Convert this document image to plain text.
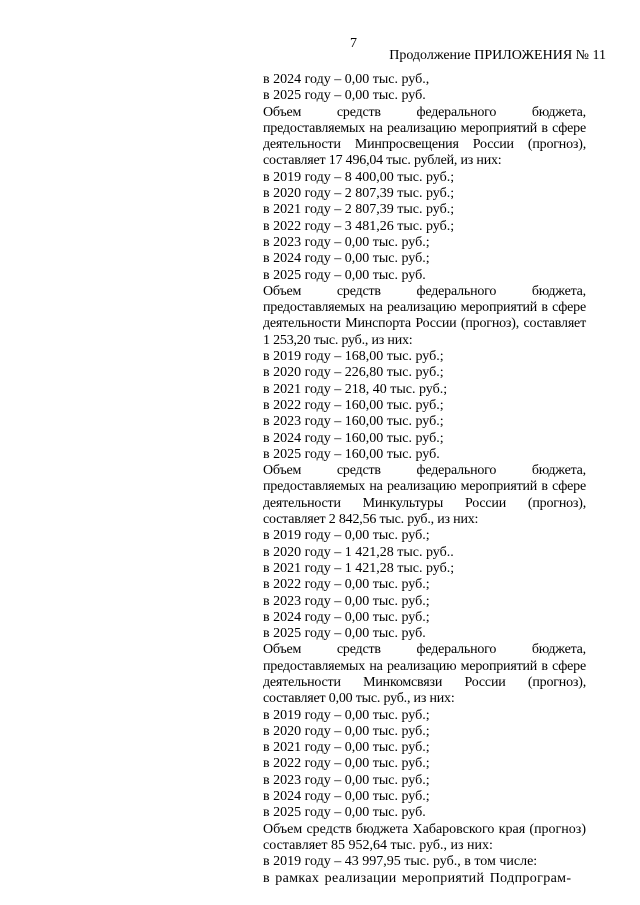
7
Продолжение ПРИЛОЖЕНИЯ № 11
в 2024 году – 0,00 тыс. руб.,
в 2025 году – 0,00 тыс. руб.
Объем средств федерального бюджета, предоставляемых на реализацию мероприятий в сфере деятельности Минпросвещения России (прогноз), составляет 17 496,04 тыс. рублей, из них:
в 2019 году – 8 400,00 тыс. руб.;
в 2020 году – 2 807,39 тыс. руб.;
в 2021 году – 2 807,39 тыс. руб.;
в 2022 году – 3 481,26 тыс. руб.;
в 2023 году – 0,00 тыс. руб.;
в 2024 году – 0,00 тыс. руб.;
в 2025 году – 0,00 тыс. руб.
Объем средств федерального бюджета, предоставляемых на реализацию мероприятий в сфере деятельности Минспорта России (прогноз), составляет 1 253,20 тыс. руб., из них:
в 2019 году – 168,00 тыс. руб.;
в 2020 году – 226,80 тыс. руб.;
в 2021 году – 218, 40 тыс. руб.;
в 2022 году – 160,00 тыс. руб.;
в 2023 году – 160,00 тыс. руб.;
в 2024 году – 160,00 тыс. руб.;
в 2025 году – 160,00 тыс. руб.
Объем средств федерального бюджета, предоставляемых на реализацию мероприятий в сфере деятельности Минкультуры России (прогноз), составляет 2 842,56 тыс. руб., из них:
в 2019 году – 0,00 тыс. руб.;
в 2020 году – 1 421,28 тыс. руб..
в 2021 году – 1 421,28 тыс. руб.;
в 2022 году – 0,00 тыс. руб.;
в 2023 году – 0,00 тыс. руб.;
в 2024 году – 0,00 тыс. руб.;
в 2025 году – 0,00 тыс. руб.
Объем средств федерального бюджета, предоставляемых на реализацию мероприятий в сфере деятельности Минкомсвязи России (прогноз), составляет 0,00 тыс. руб., из них:
в 2019 году – 0,00 тыс. руб.;
в 2020 году – 0,00 тыс. руб.;
в 2021 году – 0,00 тыс. руб.;
в 2022 году – 0,00 тыс. руб.;
в 2023 году – 0,00 тыс. руб.;
в 2024 году – 0,00 тыс. руб.;
в 2025 году – 0,00 тыс. руб.
Объем средств бюджета Хабаровского края (прогноз) составляет 85 952,64 тыс. руб., из них:
в 2019 году – 43 997,95 тыс. руб., в том числе:
в рамках реализации мероприятий Подпрограм-
